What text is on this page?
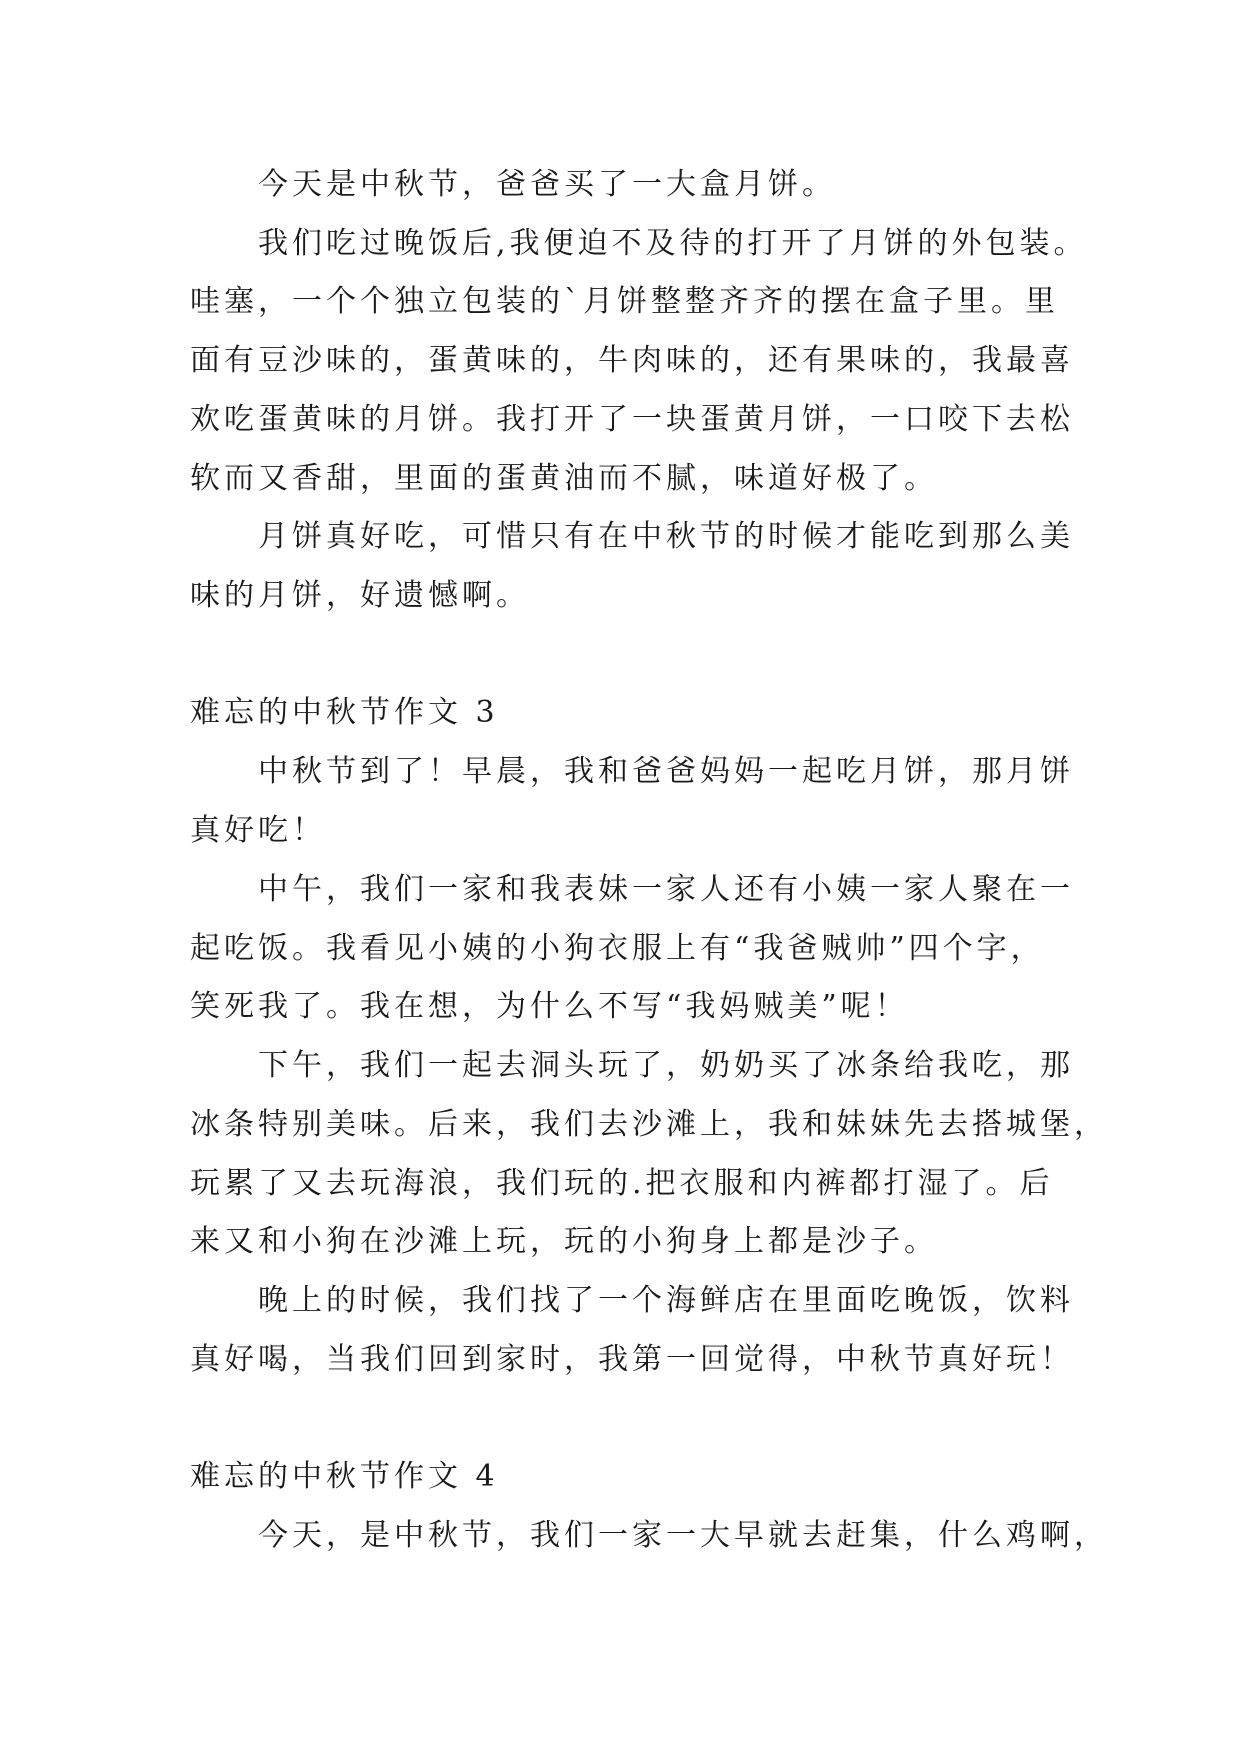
今天是中秋节，爸爸买了一大盒月饼。
我们吃过晚饭后,我便迫不及待的打开了月饼的外包装。
哇塞，一个个独立包装的`月饼整整齐齐的摆在盒子里。里
面有豆沙味的，蛋黄味的，牛肉味的，还有果味的，我最喜
欢吃蛋黄味的月饼。我打开了一块蛋黄月饼，一口咬下去松
软而又香甜，里面的蛋黄油而不腻，味道好极了。
月饼真好吃，可惜只有在中秋节的时候才能吃到那么美
味的月饼，好遗憾啊。
难忘的中秋节作文 3
中秋节到了！早晨，我和爸爸妈妈一起吃月饼，那月饼
真好吃！
中午，我们一家和我表妹一家人还有小姨一家人聚在一
起吃饭。我看见小姨的小狗衣服上有“我爸贼帅”四个字，
笑死我了。我在想，为什么不写“我妈贼美”呢！
下午，我们一起去洞头玩了，奶奶买了冰条给我吃，那
冰条特别美味。后来，我们去沙滩上，我和妹妹先去搭城堡，
玩累了又去玩海浪，我们玩的.把衣服和内裤都打湿了。后
来又和小狗在沙滩上玩，玩的小狗身上都是沙子。
晚上的时候，我们找了一个海鲜店在里面吃晚饭，饮料
真好喝，当我们回到家时，我第一回觉得，中秋节真好玩！
难忘的中秋节作文 4
今天，是中秋节，我们一家一大早就去赶集，什么鸡啊，
